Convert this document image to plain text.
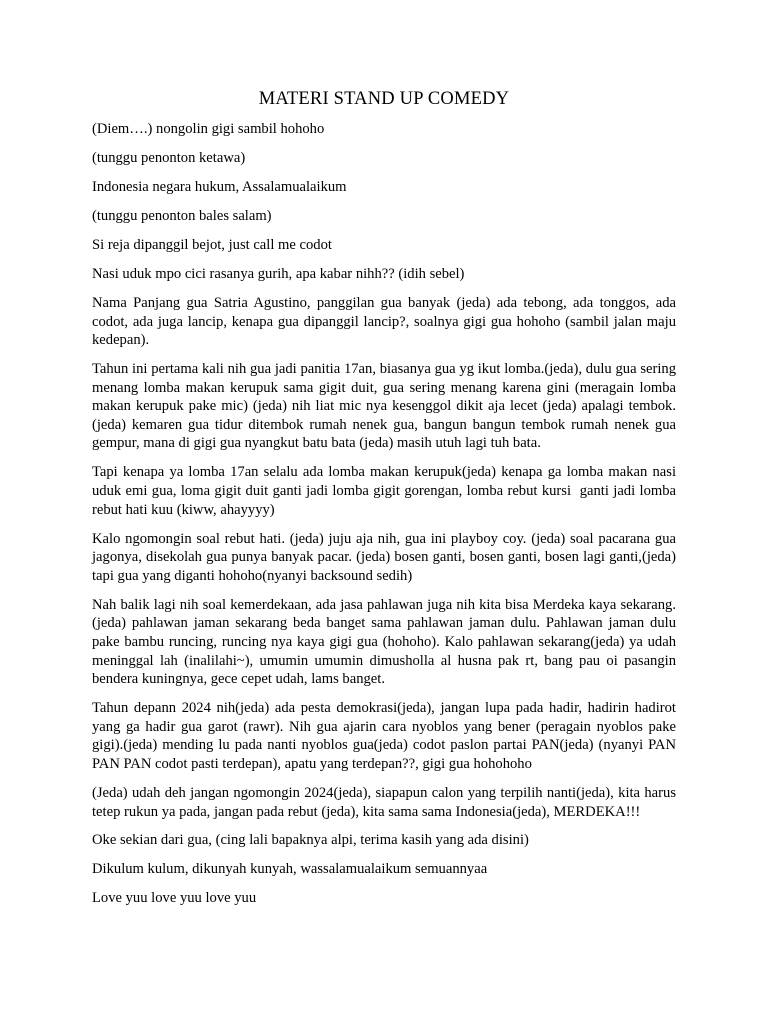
MATERI STAND UP COMEDY

(Diem….) nongolin gigi sambil hohoho

(tunggu penonton ketawa)

Indonesia negara hukum, Assalamualaikum

(tunggu penonton bales salam)

Si reja dipanggil bejot, just call me codot

Nasi uduk mpo cici rasanya gurih, apa kabar nihh?? (idih sebel)

Nama Panjang gua Satria Agustino, panggilan gua banyak (jeda) ada tebong, ada tonggos, ada codot, ada juga lancip, kenapa gua dipanggil lancip?, soalnya gigi gua hohoho (sambil jalan maju kedepan).

Tahun ini pertama kali nih gua jadi panitia 17an, biasanya gua yg ikut lomba.(jeda), dulu gua sering menang lomba makan kerupuk sama gigit duit, gua sering menang karena gini (meragain lomba makan kerupuk pake mic) (jeda) nih liat mic nya kesenggol dikit aja lecet (jeda) apalagi tembok. (jeda) kemaren gua tidur ditembok rumah nenek gua, bangun bangun tembok rumah nenek gua gempur, mana di gigi gua nyangkut batu bata (jeda) masih utuh lagi tuh bata.

Tapi kenapa ya lomba 17an selalu ada lomba makan kerupuk(jeda) kenapa ga lomba makan nasi uduk emi gua, loma gigit duit ganti jadi lomba gigit gorengan, lomba rebut kursi  ganti jadi lomba rebut hati kuu (kiww, ahayyyy)

Kalo ngomongin soal rebut hati. (jeda) juju aja nih, gua ini playboy coy. (jeda) soal pacarana gua jagonya, disekolah gua punya banyak pacar. (jeda) bosen ganti, bosen ganti, bosen lagi ganti,(jeda) tapi gua yang diganti hohoho(nyanyi backsound sedih)

Nah balik lagi nih soal kemerdekaan, ada jasa pahlawan juga nih kita bisa Merdeka kaya sekarang.(jeda) pahlawan jaman sekarang beda banget sama pahlawan jaman dulu. Pahlawan jaman dulu pake bambu runcing, runcing nya kaya gigi gua (hohoho). Kalo pahlawan sekarang(jeda) ya udah meninggal lah (inalilahi~), umumin umumin dimusholla al husna pak rt, bang pau oi pasangin bendera kuningnya, gece cepet udah, lams banget.

Tahun depann 2024 nih(jeda) ada pesta demokrasi(jeda), jangan lupa pada hadir, hadirin hadirot yang ga hadir gua garot (rawr). Nih gua ajarin cara nyoblos yang bener (peragain nyoblos pake gigi).(jeda) mending lu pada nanti nyoblos gua(jeda) codot paslon partai PAN(jeda) (nyanyi PAN PAN PAN codot pasti terdepan), apatu yang terdepan??, gigi gua hohohoho

(Jeda) udah deh jangan ngomongin 2024(jeda), siapapun calon yang terpilih nanti(jeda), kita harus tetep rukun ya pada, jangan pada rebut (jeda), kita sama sama Indonesia(jeda), MERDEKA!!!

Oke sekian dari gua, (cing lali bapaknya alpi, terima kasih yang ada disini)

Dikulum kulum, dikunyah kunyah, wassalamualaikum semuannyaa

Love yuu love yuu love yuu
